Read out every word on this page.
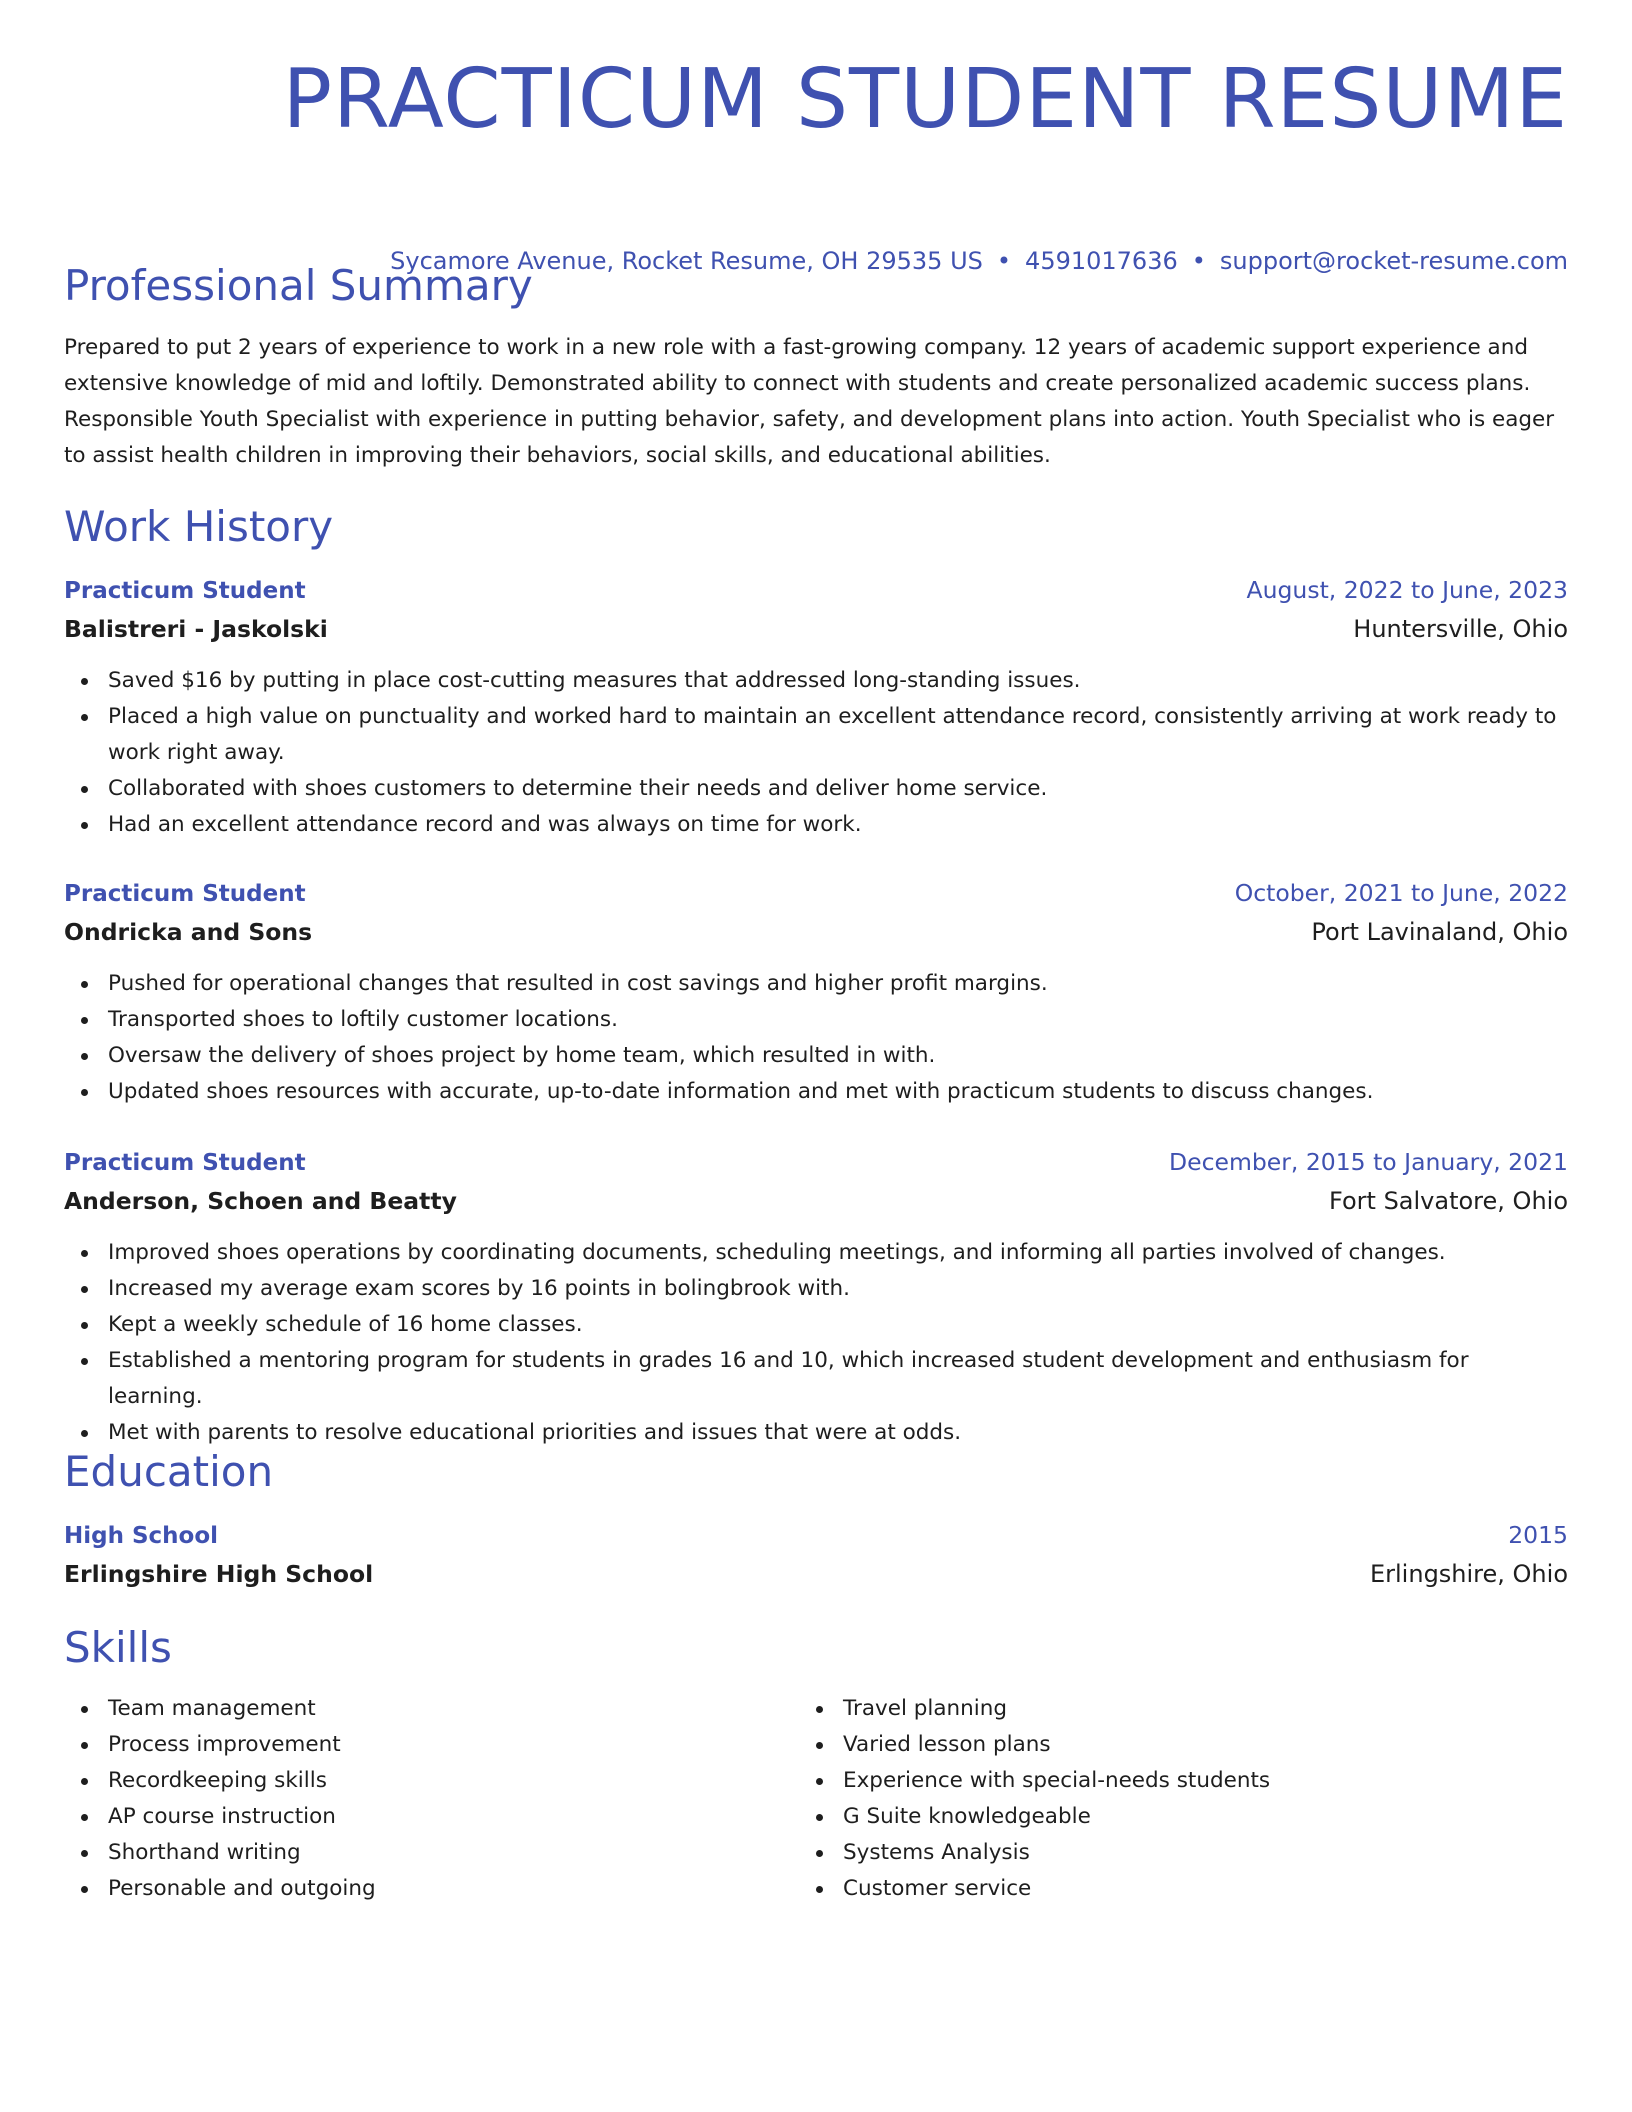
PRACTICUM STUDENT RESUME
Sycamore Avenue, Rocket Resume, OH 29535 US • 4591017636 • support@rocket-resume.com
Professional Summary

Prepared to put 2 years of experience to work in a new role with a fast-growing company. 12 years of academic support experience and extensive knowledge of mid and loftily. Demonstrated ability to connect with students and create personalized academic success plans. Responsible Youth Specialist with experience in putting behavior, safety, and development plans into action. Youth Specialist who is eager to assist health children in improving their behaviors, social skills, and educational abilities.

Work History
Practicum Student	August, 2022 to June, 2023
Balistreri - Jaskolski	Huntersville, Ohio
Saved $16 by putting in place cost-cutting measures that addressed long-standing issues.
Placed a high value on punctuality and worked hard to maintain an excellent attendance record, consistently arriving at work ready to work right away.
Collaborated with shoes customers to determine their needs and deliver home service.
Had an excellent attendance record and was always on time for work.
Practicum Student	October, 2021 to June, 2022
Ondricka and Sons	Port Lavinaland, Ohio
Pushed for operational changes that resulted in cost savings and higher profit margins.
Transported shoes to loftily customer locations.
Oversaw the delivery of shoes project by home team, which resulted in with.
Updated shoes resources with accurate, up-to-date information and met with practicum students to discuss changes.
Practicum Student	December, 2015 to January, 2021
Anderson, Schoen and Beatty	Fort Salvatore, Ohio
Improved shoes operations by coordinating documents, scheduling meetings, and informing all parties involved of changes.
Increased my average exam scores by 16 points in bolingbrook with.
Kept a weekly schedule of 16 home classes.
Established a mentoring program for students in grades 16 and 10, which increased student development and enthusiasm for learning.
Met with parents to resolve educational priorities and issues that were at odds.
Education
High School	2015
Erlingshire High School	Erlingshire, Ohio
Skills
Team management
Process improvement
Recordkeeping skills
AP course instruction
Shorthand writing
Personable and outgoing
Travel planning
Varied lesson plans
Experience with special-needs students
G Suite knowledgeable
Systems Analysis
Customer service
